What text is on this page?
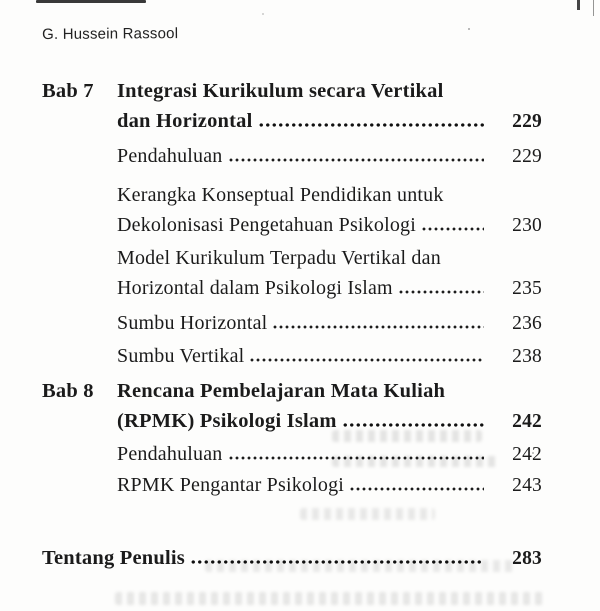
G. Hussein Rassool
Bab 7	Integrasi Kurikulum secara Vertikal
dan Horizontal	229
Pendahuluan	229
Kerangka Konseptual Pendidikan untuk
Dekolonisasi Pengetahuan Psikologi	230
Model Kurikulum Terpadu Vertikal dan
Horizontal dalam Psikologi Islam	235
Sumbu Horizontal	236
Sumbu Vertikal	238
Bab 8	Rencana Pembelajaran Mata Kuliah
(RPMK) Psikologi Islam	242
Pendahuluan	242
RPMK Pengantar Psikologi	243
Tentang Penulis	283
